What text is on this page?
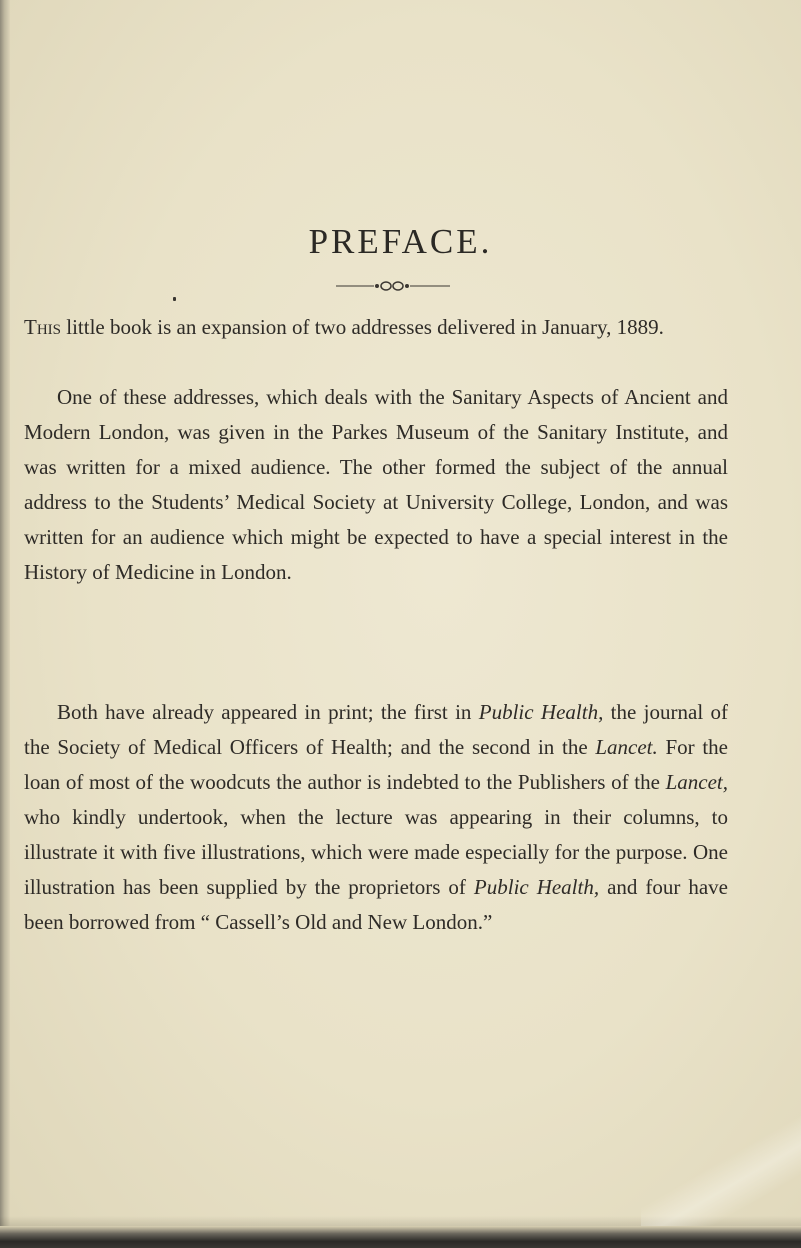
PREFACE.

This little book is an expansion of two addresses delivered in January, 1889.

One of these addresses, which deals with the Sanitary Aspects of Ancient and Modern London, was given in the Parkes Museum of the Sanitary Institute, and was written for a mixed audience. The other formed the subject of the annual address to the Students’ Medical Society at University College, London, and was written for an audience which might be expected to have a special interest in the History of Medicine in London.

Both have already appeared in print; the first in Public Health, the journal of the Society of Medical Officers of Health; and the second in the Lancet. For the loan of most of the woodcuts the author is indebted to the Publishers of the Lancet, who kindly undertook, when the lecture was appearing in their columns, to illustrate it with five illustrations, which were made especially for the purpose. One illustration has been supplied by the proprietors of Public Health, and four have been borrowed from “ Cassell’s Old and New London.”
